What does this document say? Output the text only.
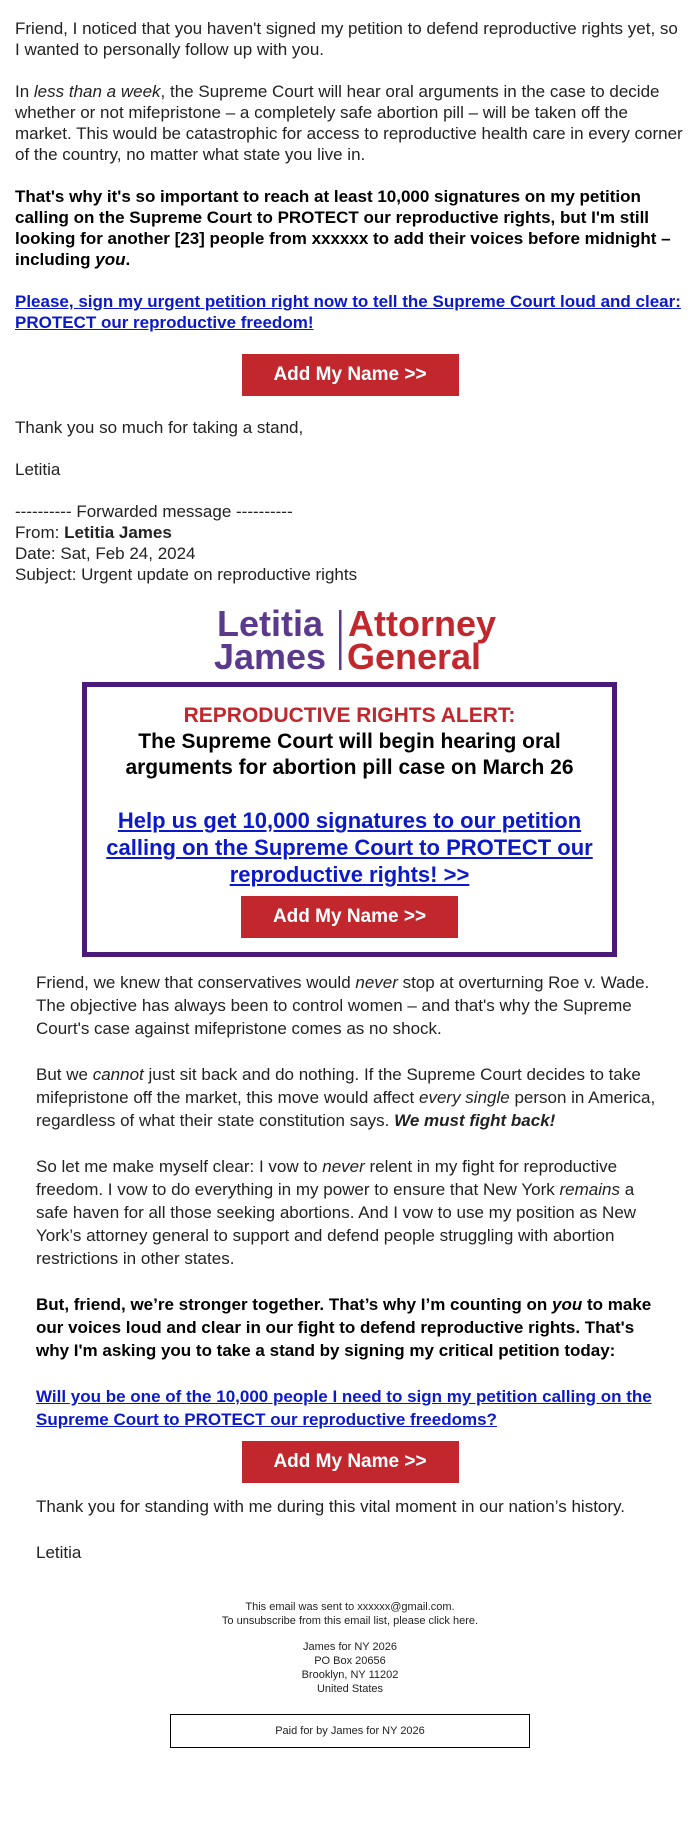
Friend, I noticed that you haven't signed my petition to defend reproductive rights yet, so I wanted to personally follow up with you.

In less than a week, the Supreme Court will hear oral arguments in the case to decide whether or not mifepristone – a completely safe abortion pill – will be taken off the market. This would be catastrophic for access to reproductive health care in every corner of the country, no matter what state you live in.

That's why it's so important to reach at least 10,000 signatures on my petition calling on the Supreme Court to PROTECT our reproductive rights, but I'm still looking for another [23] people from xxxxxx to add their voices before midnight – including you.

Please, sign my urgent petition right now to tell the Supreme Court loud and clear: PROTECT our reproductive freedom!

Add My Name >>

Thank you so much for taking a stand,

Letitia

---------- Forwarded message ----------
From: Letitia James
Date: Sat, Feb 24, 2024
Subject: Urgent update on reproductive rights
Letitia
James
Attorney
General
REPRODUCTIVE RIGHTS ALERT:
The Supreme Court will begin hearing oral arguments for abortion pill case on March 26
Help us get 10,000 signatures to our petition calling on the Supreme Court to PROTECT our reproductive rights! >>
Add My Name >>

Friend, we knew that conservatives would never stop at overturning Roe v. Wade. The objective has always been to control women – and that's why the Supreme Court's case against mifepristone comes as no shock.

But we cannot just sit back and do nothing. If the Supreme Court decides to take mifepristone off the market, this move would affect every single person in America, regardless of what their state constitution says. We must fight back!

So let me make myself clear: I vow to never relent in my fight for reproductive freedom. I vow to do everything in my power to ensure that New York remains a safe haven for all those seeking abortions. And I vow to use my position as New York’s attorney general to support and defend people struggling with abortion restrictions in other states.

But, friend, we’re stronger together. That’s why I’m counting on you to make our voices loud and clear in our fight to defend reproductive rights. That's why I'm asking you to take a stand by signing my critical petition today:

Will you be one of the 10,000 people I need to sign my petition calling on the Supreme Court to PROTECT our reproductive freedoms?

Add My Name >>

Thank you for standing with me during this vital moment in our nation’s history.

Letitia

This email was sent to xxxxxx@gmail.com.
To unsubscribe from this email list, please click here.

James for NY 2026
PO Box 20656
Brooklyn, NY 11202
United States

Paid for by James for NY 2026
